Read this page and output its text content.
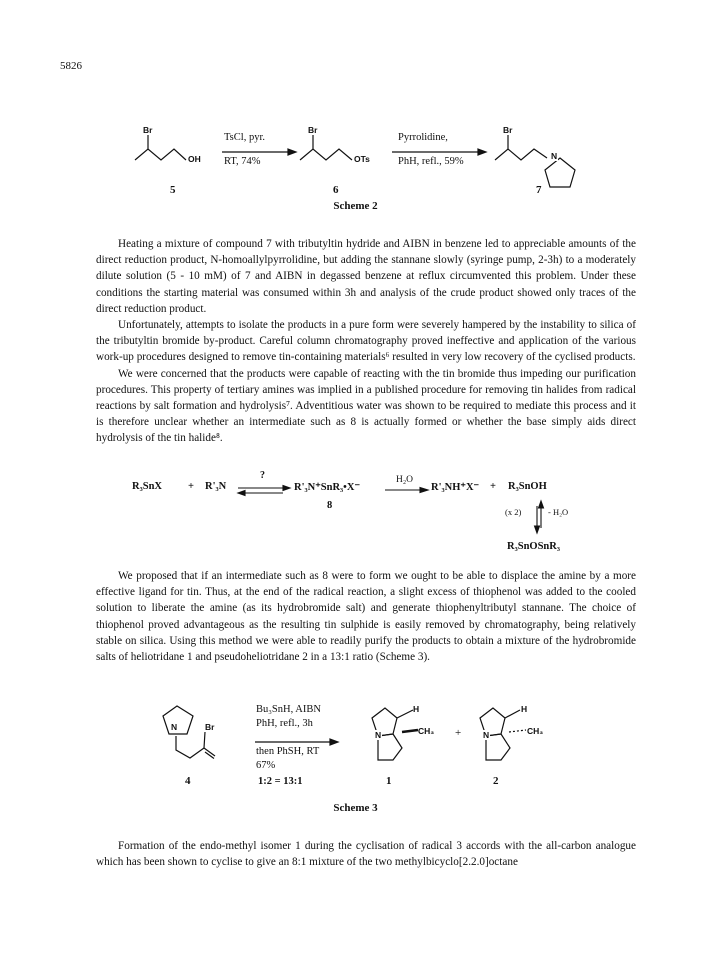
5826
Br
OH
TsCl, pyr.
RT, 74%
Br
OTs
Pyrrolidine,
PhH, refl., 59%
Br
N
5	6	7
Scheme 2

Heating a mixture of compound 7 with tributyltin hydride and AIBN in benzene led to appreciable amounts of the direct reduction product, N-homoallylpyrrolidine, but adding the stannane slowly (syringe pump, 2-3h) to a moderately dilute solution (5 - 10 mM) of 7 and AIBN in degassed benzene at reflux circumvented this problem. Under these conditions the starting material was consumed within 3h and analysis of the crude product showed only traces of the direct reduction product.

Unfortunately, attempts to isolate the products in a pure form were severely hampered by the instability to silica of the tributyltin bromide by-product. Careful column chromatography proved ineffective and application of the various work-up procedures designed to remove tin-containing materials⁶ resulted in very low recovery of the cyclised products.

We were concerned that the products were capable of reacting with the tin bromide thus impeding our purification procedures. This property of tertiary amines was implied in a published procedure for removing tin halides from radical reactions by salt formation and hydrolysis⁷. Adventitious water was shown to be required to mediate this process and it is therefore unclear whether an intermediate such as 8 is actually formed or whether the base simply aids direct hydrolysis of the tin halide⁸.

R₃SnX + R'₃N
?
R'₃N⁺SnR₃•X⁻
8
H₂O
R'₃NH⁺X⁻ + R₃SnOH
(x 2)	- H₂O
R₃SnOSnR₃

We proposed that if an intermediate such as 8 were to form we ought to be able to displace the amine by a more effective ligand for tin. Thus, at the end of the radical reaction, a slight excess of thiophenol was added to the cooled solution to liberate the amine (as its hydrobromide salt) and generate thiophenyltributyl stannane. The choice of thiophenol proved advantageous as the resulting tin sulphide is easily removed by chromatography, being relatively stable on silica. Using this method we were able to readily purify the products to obtain a mixture of the hydrobromide salts of heliotridane 1 and pseudoheliotridane 2 in a 13:1 ratio (Scheme 3).

N	Br
4
Bu₃SnH, AIBN
PhH, refl., 3h
then PhSH, RT
67%
1:2 = 13:1
N
H
CH₃
1
+	N
H
CH₃
2
Scheme 3

Formation of the endo-methyl isomer 1 during the cyclisation of radical 3 accords with the all-carbon analogue which has been shown to cyclise to give an 8:1 mixture of the two methylbicyclo[2.2.0]octane
